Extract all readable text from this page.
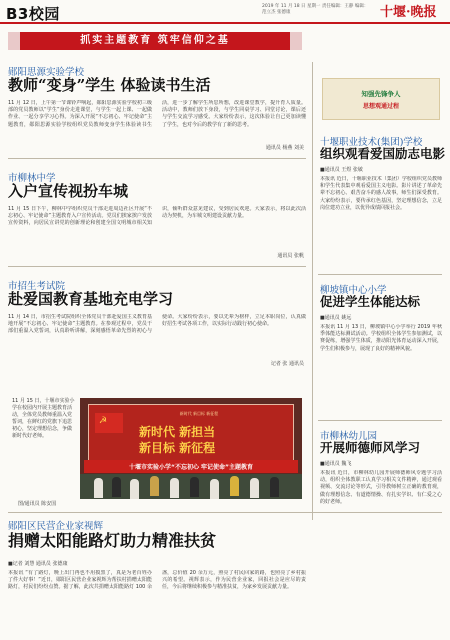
B3校园	2019 年 11 月 18 日 星期一 责任编辑：王静 编辑：范立杰 张德康	十堰·晚报
抓实主题教育 筑牢信仰之基
知强先锋争人
思想观通过程
郧阳思源实验学校
教师“变身”学生 体验读书生活
11 月 12 日，上午第一节课铃声响起，郧阳思源实验学校初三级部的党员教师以“学生”身份走进课堂，与学生一起上课、一起做作业、一起分享学习心得。为深入开展“不忘初心、牢记使命”主题教育，郧阳思源实验学校组织党员教师变身学生体验读书生活，进一步了解学生所思所想，改进课堂教学，提升育人质量。活动中，教师们放下身段，与学生同桌学习、同堂讨论，课后还与学生交流学习感受。大家纷纷表示，这次体验让自己更加读懂了学生，也对今后的教学有了新的思考。
通讯员 杨燕 刘美
市柳林中学
入户宣传视扮车城
11 月 15 日下午，柳林中学组织党员干部走进周边社区开展“不忘初心、牢记使命”主题教育入户宣传活动。党员们挨家挨户发放宣传资料，向居民宣讲党的创新理论和创建全国文明城市相关知识，倾听群众意见建议，受到居民欢迎。大家表示，将以此次活动为契机，为车城文明建设贡献力量。
通讯员 张帆
市招生考试院
赴爱国教育基地充电学习
11 月 14 日，市招生考试院组织全体党员干部赴爱国主义教育基地开展“不忘初心、牢记使命”主题教育。在参观过程中，党员干部们重温入党誓词，认真聆听讲解，深刻感悟革命先烈的初心与使命。大家纷纷表示，要以先辈为榜样，立足本职岗位，认真做好招生考试各项工作，以实际行动践行初心使命。
记者 张 通讯员
11 月 15 日，十堰市实验小学在校园内开展主题教育活动，全体党员教师重温入党誓词，在鲜红的党旗下追思初心，坚定理想信念，争做新时代好老师。
☭
新时代 新目标 新征程
新时代 新担当
新目标 新征程
十堰市实验小学“不忘初心 牢记使命”主题教育
图/通讯员 陈安国
十堰职业技术(集团)学校
组织观看爱国励志电影
■通讯员 王煜 张敏
本报讯 近日，十堰职业技术（集团）学校组织党员教师和学生代表集中观看爱国主义电影。影片讲述了革命先辈不忘初心、艰苦奋斗的感人故事，师生们深受教育。大家纷纷表示，要传承红色基因，坚定理想信念，立足岗位建功立业，以优异成绩回报社会。
柳坡镇中心小学
促进学生体能达标
■通讯员 姚远
本报讯 11 月 13 日，柳坡镇中心小学举行 2019 年秋季体能达标测试活动。学校组织全体学生参加测试，以赛促练，增强学生体质，推动阳光体育运动深入开展，学生们积极参与，展现了良好的精神风貌。
市柳林幼儿园
开展师德师风学习
■通讯员 魏飞
本报讯 近日，市柳林幼儿园开展师德师风专题学习活动，组织全体教职工认真学习相关文件精神，通过观看视频、交流讨论等形式，引导教师树立正确的教育观，做有理想信念、有道德情操、有扎实学识、有仁爱之心的好老师。
郧阳区民营企业家视辉
捐赠太阳能路灯助力精准扶贫
■记者 刘慧 通讯员 张德康
本报讯 “有了路灯，晚上出门再也不用摸黑了，真是为老百姓办了件大好事！”近日，郧阳区民营企业家视辉为帮扶村捐赠太阳能路灯，村民们纷纷点赞。据了解，此次共捐赠太阳能路灯 100 余盏，总价值 20 余万元，照亮了村民回家的路，也照亮了乡村振兴的希望。视辉表示，作为民营企业家，回报社会是应尽的责任，今后将继续积极参与精准扶贫，为家乡发展贡献力量。
